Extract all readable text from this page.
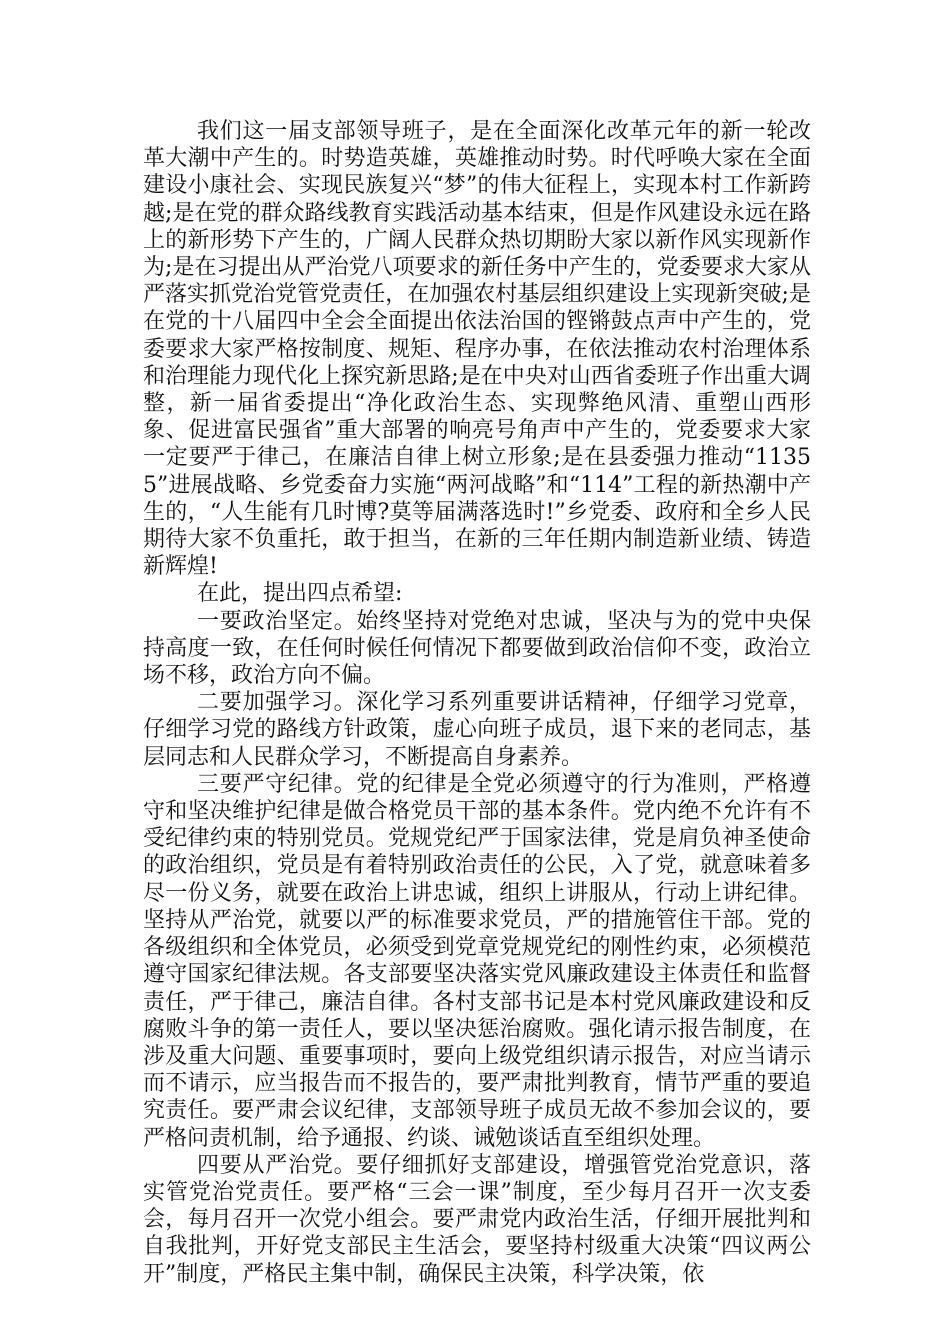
我们这一届支部领导班子，是在全面深化改革元年的新一轮改革大潮中产生的。时势造英雄，英雄推动时势。时代呼唤大家在全面建设小康社会、实现民族复兴“梦”的伟大征程上，实现本村工作新跨越;是在党的群众路线教育实践活动基本结束，但是作风建设永远在路上的新形势下产生的，广阔人民群众热切期盼大家以新作风实现新作为;是在习提出从严治党八项要求的新任务中产生的，党委要求大家从严落实抓党治党管党责任，在加强农村基层组织建设上实现新突破;是在党的十八届四中全会全面提出依法治国的铿锵鼓点声中产生的，党委要求大家严格按制度、规矩、程序办事，在依法推动农村治理体系和治理能力现代化上探究新思路;是在中央对山西省委班子作出重大调整，新一届省委提出“净化政治生态、实现弊绝风清、重塑山西形象、促进富民强省”重大部署的响亮号角声中产生的，党委要求大家一定要严于律己，在廉洁自律上树立形象;是在县委强力推动“11355”进展战略、乡党委奋力实施“两河战略”和“114”工程的新热潮中产生的，“人生能有几时博?莫等届满落选时!”乡党委、政府和全乡人民期待大家不负重托，敢于担当，在新的三年任期内制造新业绩、铸造新辉煌!

在此，提出四点希望:

一要政治坚定。始终坚持对党绝对忠诚，坚决与为的党中央保持高度一致，在任何时候任何情况下都要做到政治信仰不变，政治立场不移，政治方向不偏。

二要加强学习。深化学习系列重要讲话精神，仔细学习党章，仔细学习党的路线方针政策，虚心向班子成员，退下来的老同志，基层同志和人民群众学习，不断提高自身素养。

三要严守纪律。党的纪律是全党必须遵守的行为准则，严格遵守和坚决维护纪律是做合格党员干部的基本条件。党内绝不允许有不受纪律约束的特别党员。党规党纪严于国家法律，党是肩负神圣使命的政治组织，党员是有着特别政治责任的公民，入了党，就意味着多尽一份义务，就要在政治上讲忠诚，组织上讲服从，行动上讲纪律。坚持从严治党，就要以严的标准要求党员，严的措施管住干部。党的各级组织和全体党员，必须受到党章党规党纪的刚性约束，必须模范遵守国家纪律法规。各支部要坚决落实党风廉政建设主体责任和监督责任，严于律己，廉洁自律。各村支部书记是本村党风廉政建设和反腐败斗争的第一责任人，要以坚决惩治腐败。强化请示报告制度，在涉及重大问题、重要事项时，要向上级党组织请示报告，对应当请示而不请示，应当报告而不报告的，要严肃批判教育，情节严重的要追究责任。要严肃会议纪律，支部领导班子成员无故不参加会议的，要严格问责机制，给予通报、约谈、诫勉谈话直至组织处理。

四要从严治党。要仔细抓好支部建设，增强管党治党意识，落实管党治党责任。要严格“三会一课”制度，至少每月召开一次支委会，每月召开一次党小组会。要严肃党内政治生活，仔细开展批判和自我批判，开好党支部民主生活会，要坚持村级重大决策“四议两公开”制度，严格民主集中制，确保民主决策，科学决策，依
